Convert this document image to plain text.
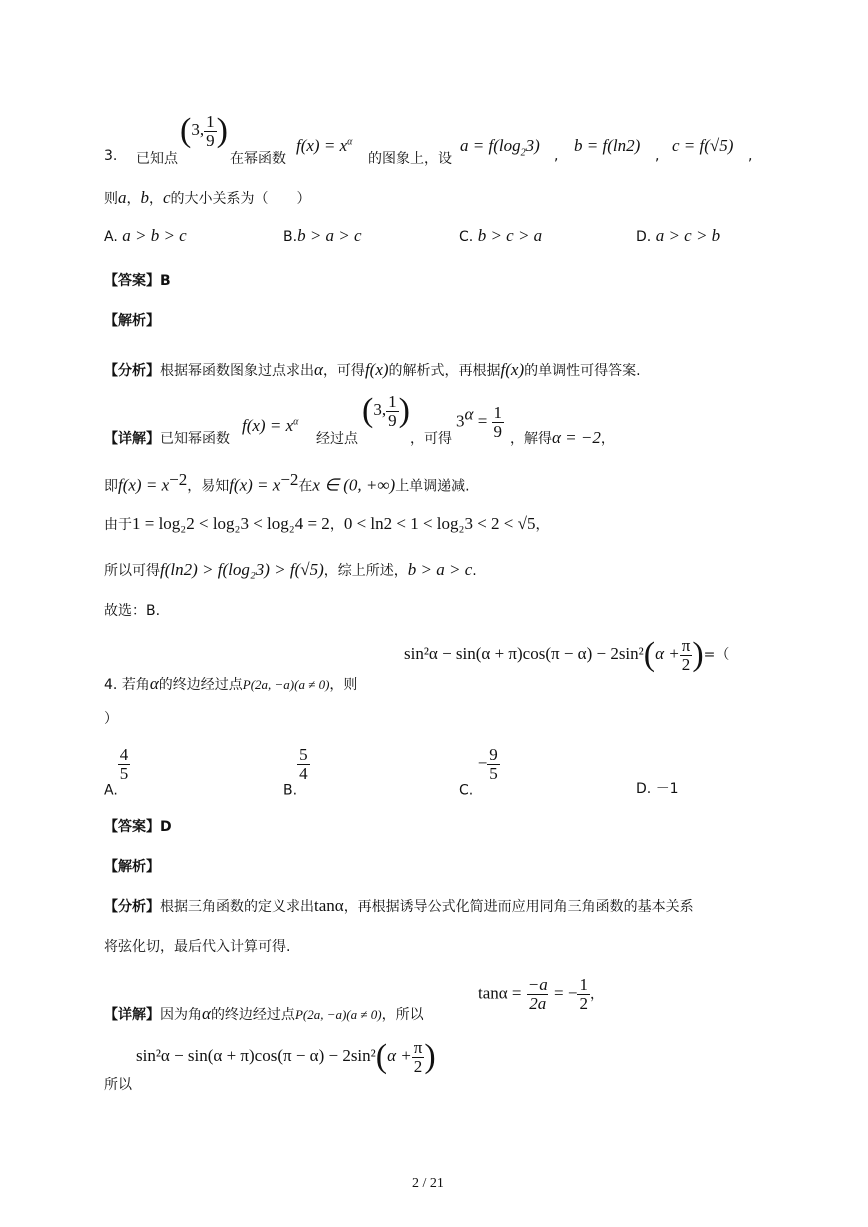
3. 已知点
(3, $\frac{1}{9}$ )
在幂函数
$f(x) = x^\alpha$
的图象上，设
$a = f(\log_23)$
,
b = f(ln2)
,
c = f(√5)
,
则a，b，c的大小关系为（　　）
A. a > b > c	B.b > a > c	C. b > c > a	D. a > c > b
【答案】B
【解析】
【分析】根据幂函数图象过点求出α，可得f(x)的解析式，再根据f(x)的单调性可得答案.
【详解】已知幂函数
$f(x) = x^\alpha$
经过点
(3, $\frac{1}{9}$ )
，可得
$3^\alpha = \frac{1}{9}$ ，解得α = −2，
即$f(x) = x^{-2}$，易知$f(x) = x^{-2}$在x ∈ (0, +∞)上单调递减.
由于1 = log₂2 < log₂3 < log₂4 = 2，0 < ln2 < 1 < log₂3 < 2 < √5，
所以可得f(ln2) > f(log₂3) > f(√5)，综上所述，b > a > c.
故选：B.
$\sin^2\alpha - \sin(\alpha + \pi)\cos(\pi - \alpha) - 2\sin^2(\alpha + \frac{\pi}{2}$ )=（
4. 若角α的终边经过点P(2a, −a)(a ≠ 0)，则
）
A.
$\frac{4}{5}$
B.
$\frac{5}{4}$
C. − $\frac{9}{5}$
D. －1
【答案】D
【解析】
【分析】根据三角函数的定义求出tanα，再根据诱导公式化简进而应用同角三角函数的基本关系
将弦化切，最后代入计算可得.
【详解】因为角α的终边经过点P(2a, −a)(a ≠ 0)，所以
$\tan\alpha = \frac{-a}{2a}$ = − $\frac{1}{2}$ ，
$\sin^2\alpha - \sin(\alpha + \pi)\cos(\pi - \alpha) - 2\sin^2(\alpha + \frac{\pi}{2}$ )
所以
2 / 21
